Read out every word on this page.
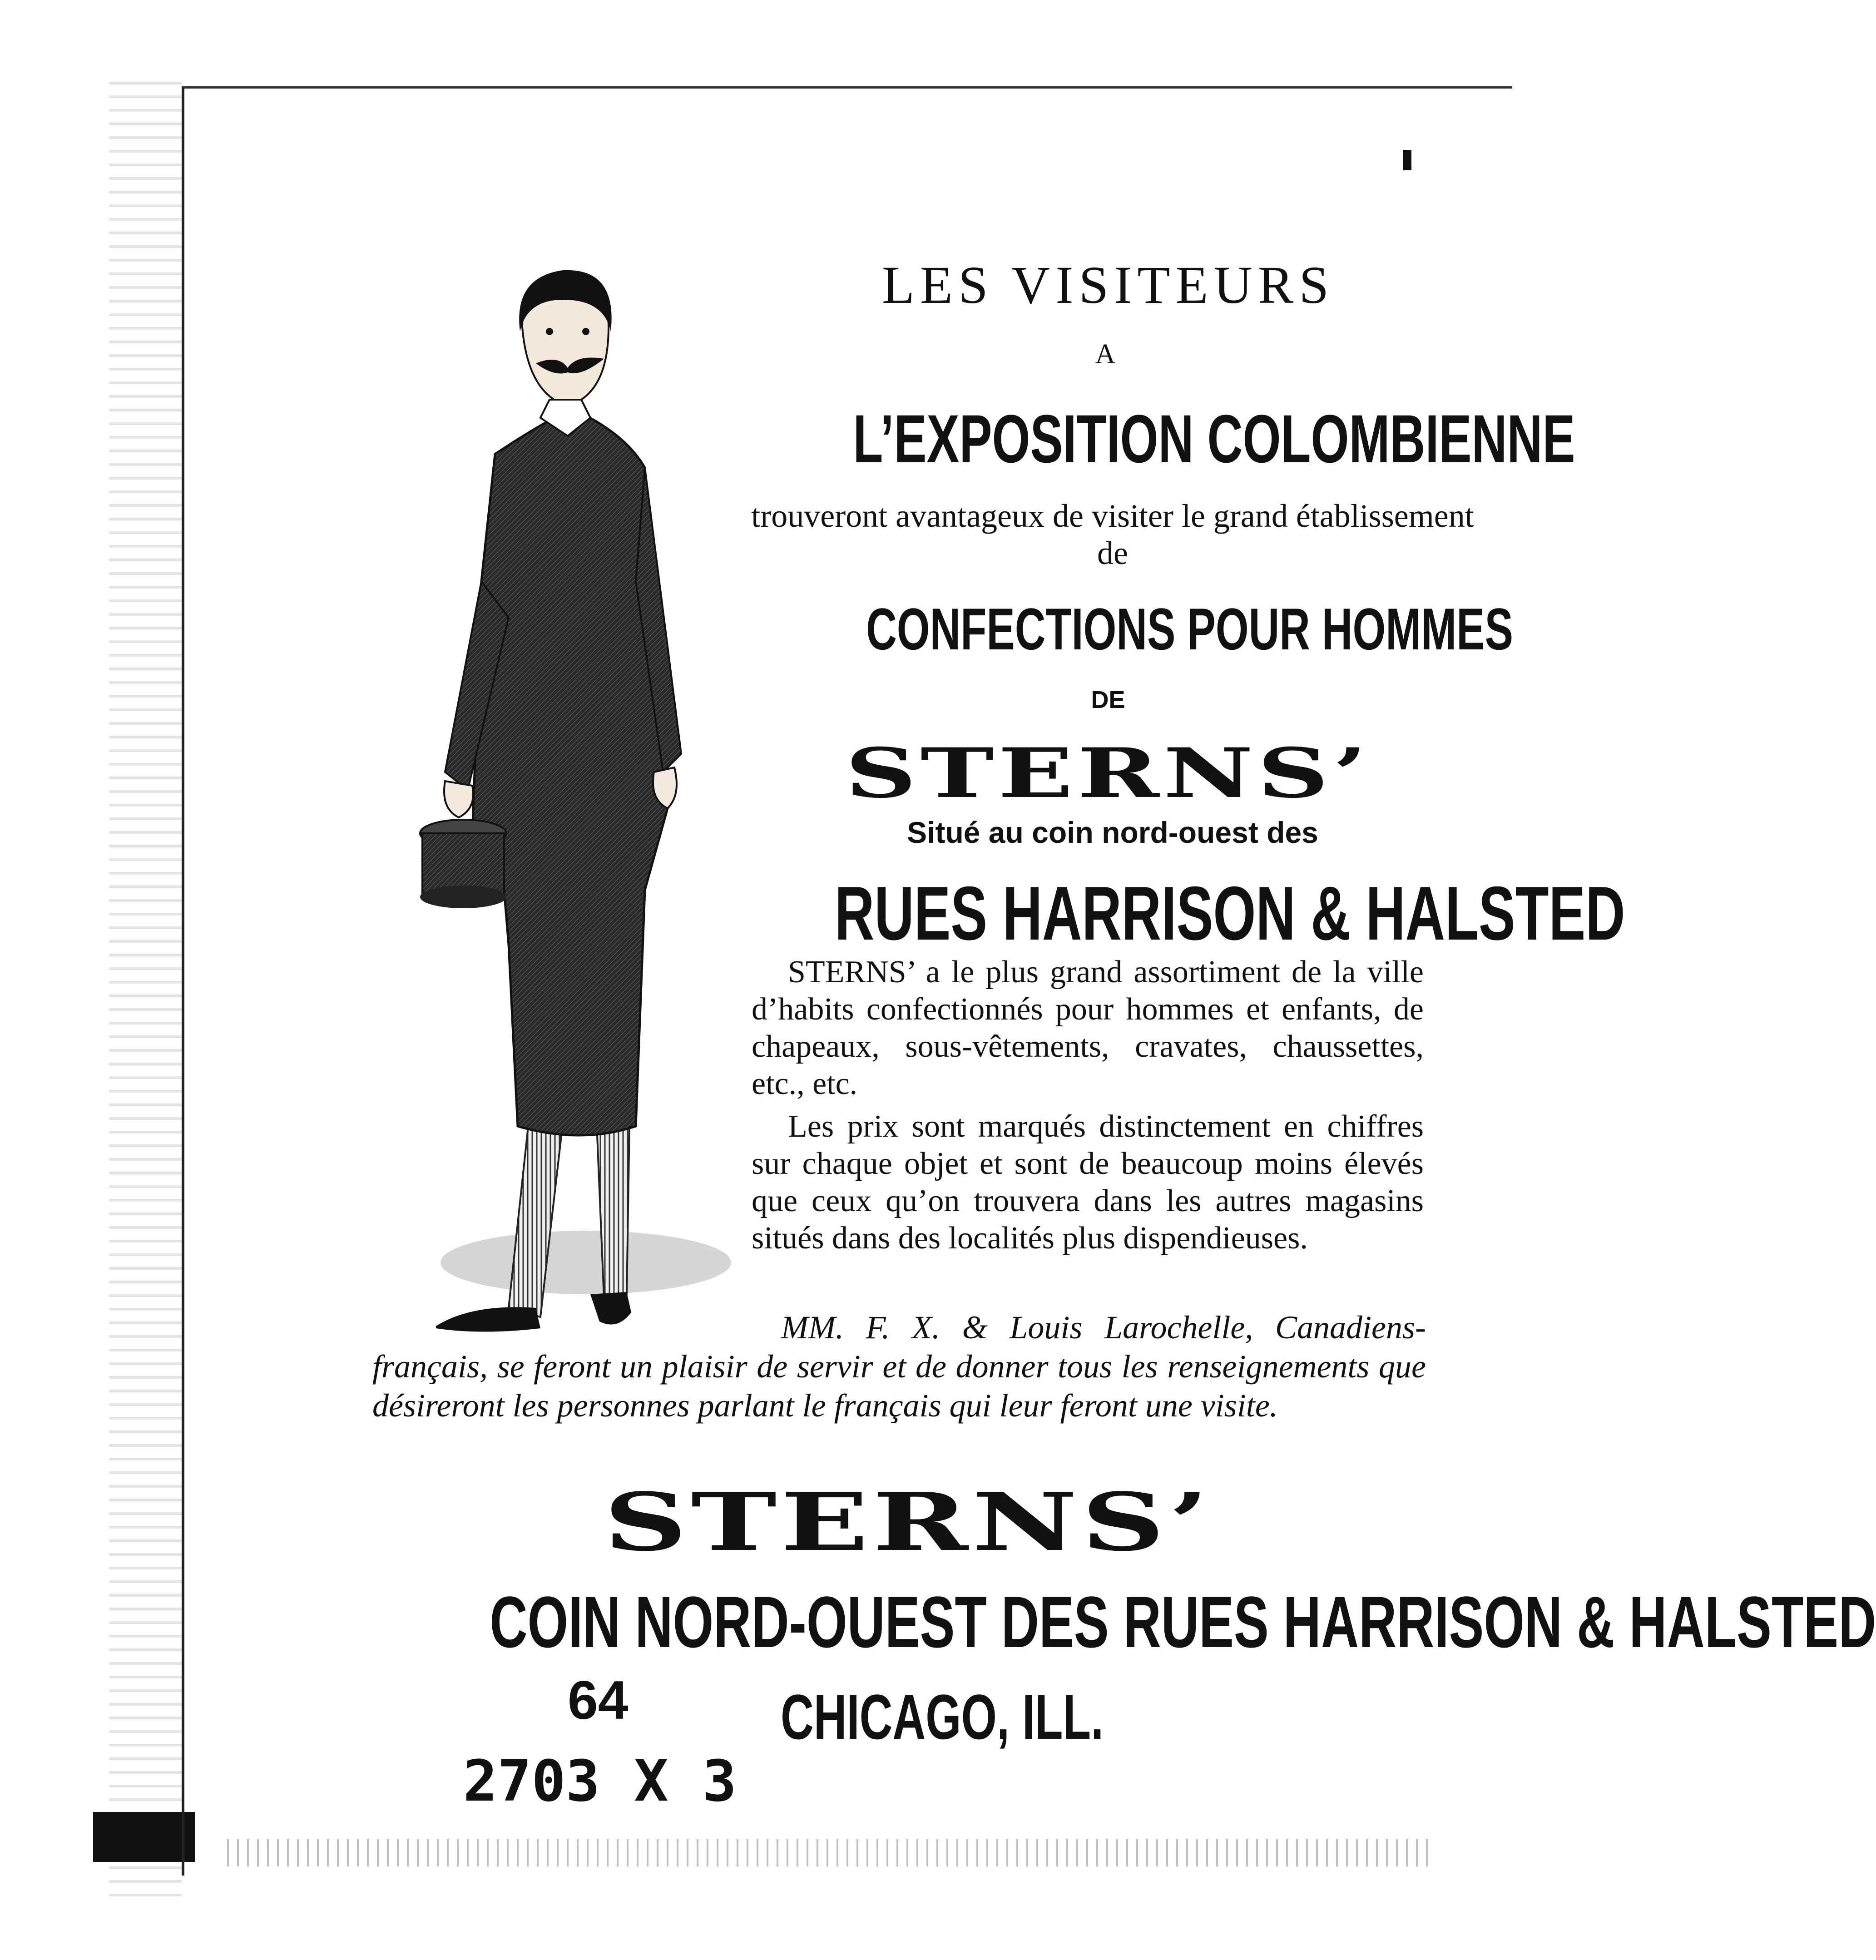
LES VISITEURS
A
L’EXPOSITION COLOMBIENNE
trouveront avantageux de visiter le grand établissement de
CONFECTIONS POUR HOMMES
DE
STERNS’
Situé au coin nord-ouest des
RUES HARRISON & HALSTED

STERNS’ a le plus grand assortiment de la ville d’habits confectionnés pour hommes et enfants, de chapeaux, sous-vêtements, cravates, chaussettes, etc., etc.

Les prix sont marqués distinctement en chiffres sur chaque objet et sont de beaucoup moins élevés que ceux qu’on trouvera dans les autres magasins situés dans des localités plus dispendieuses.

MM. F. X. & Louis Larochelle, Canadiens-français, se feront un plaisir de servir et de donner tous les renseignements que désireront les personnes parlant le français qui leur feront une visite.

STERNS’
COIN NORD-OUEST DES RUES HARRISON & HALSTED
64 CHICAGO, ILL.
2703 X 3
